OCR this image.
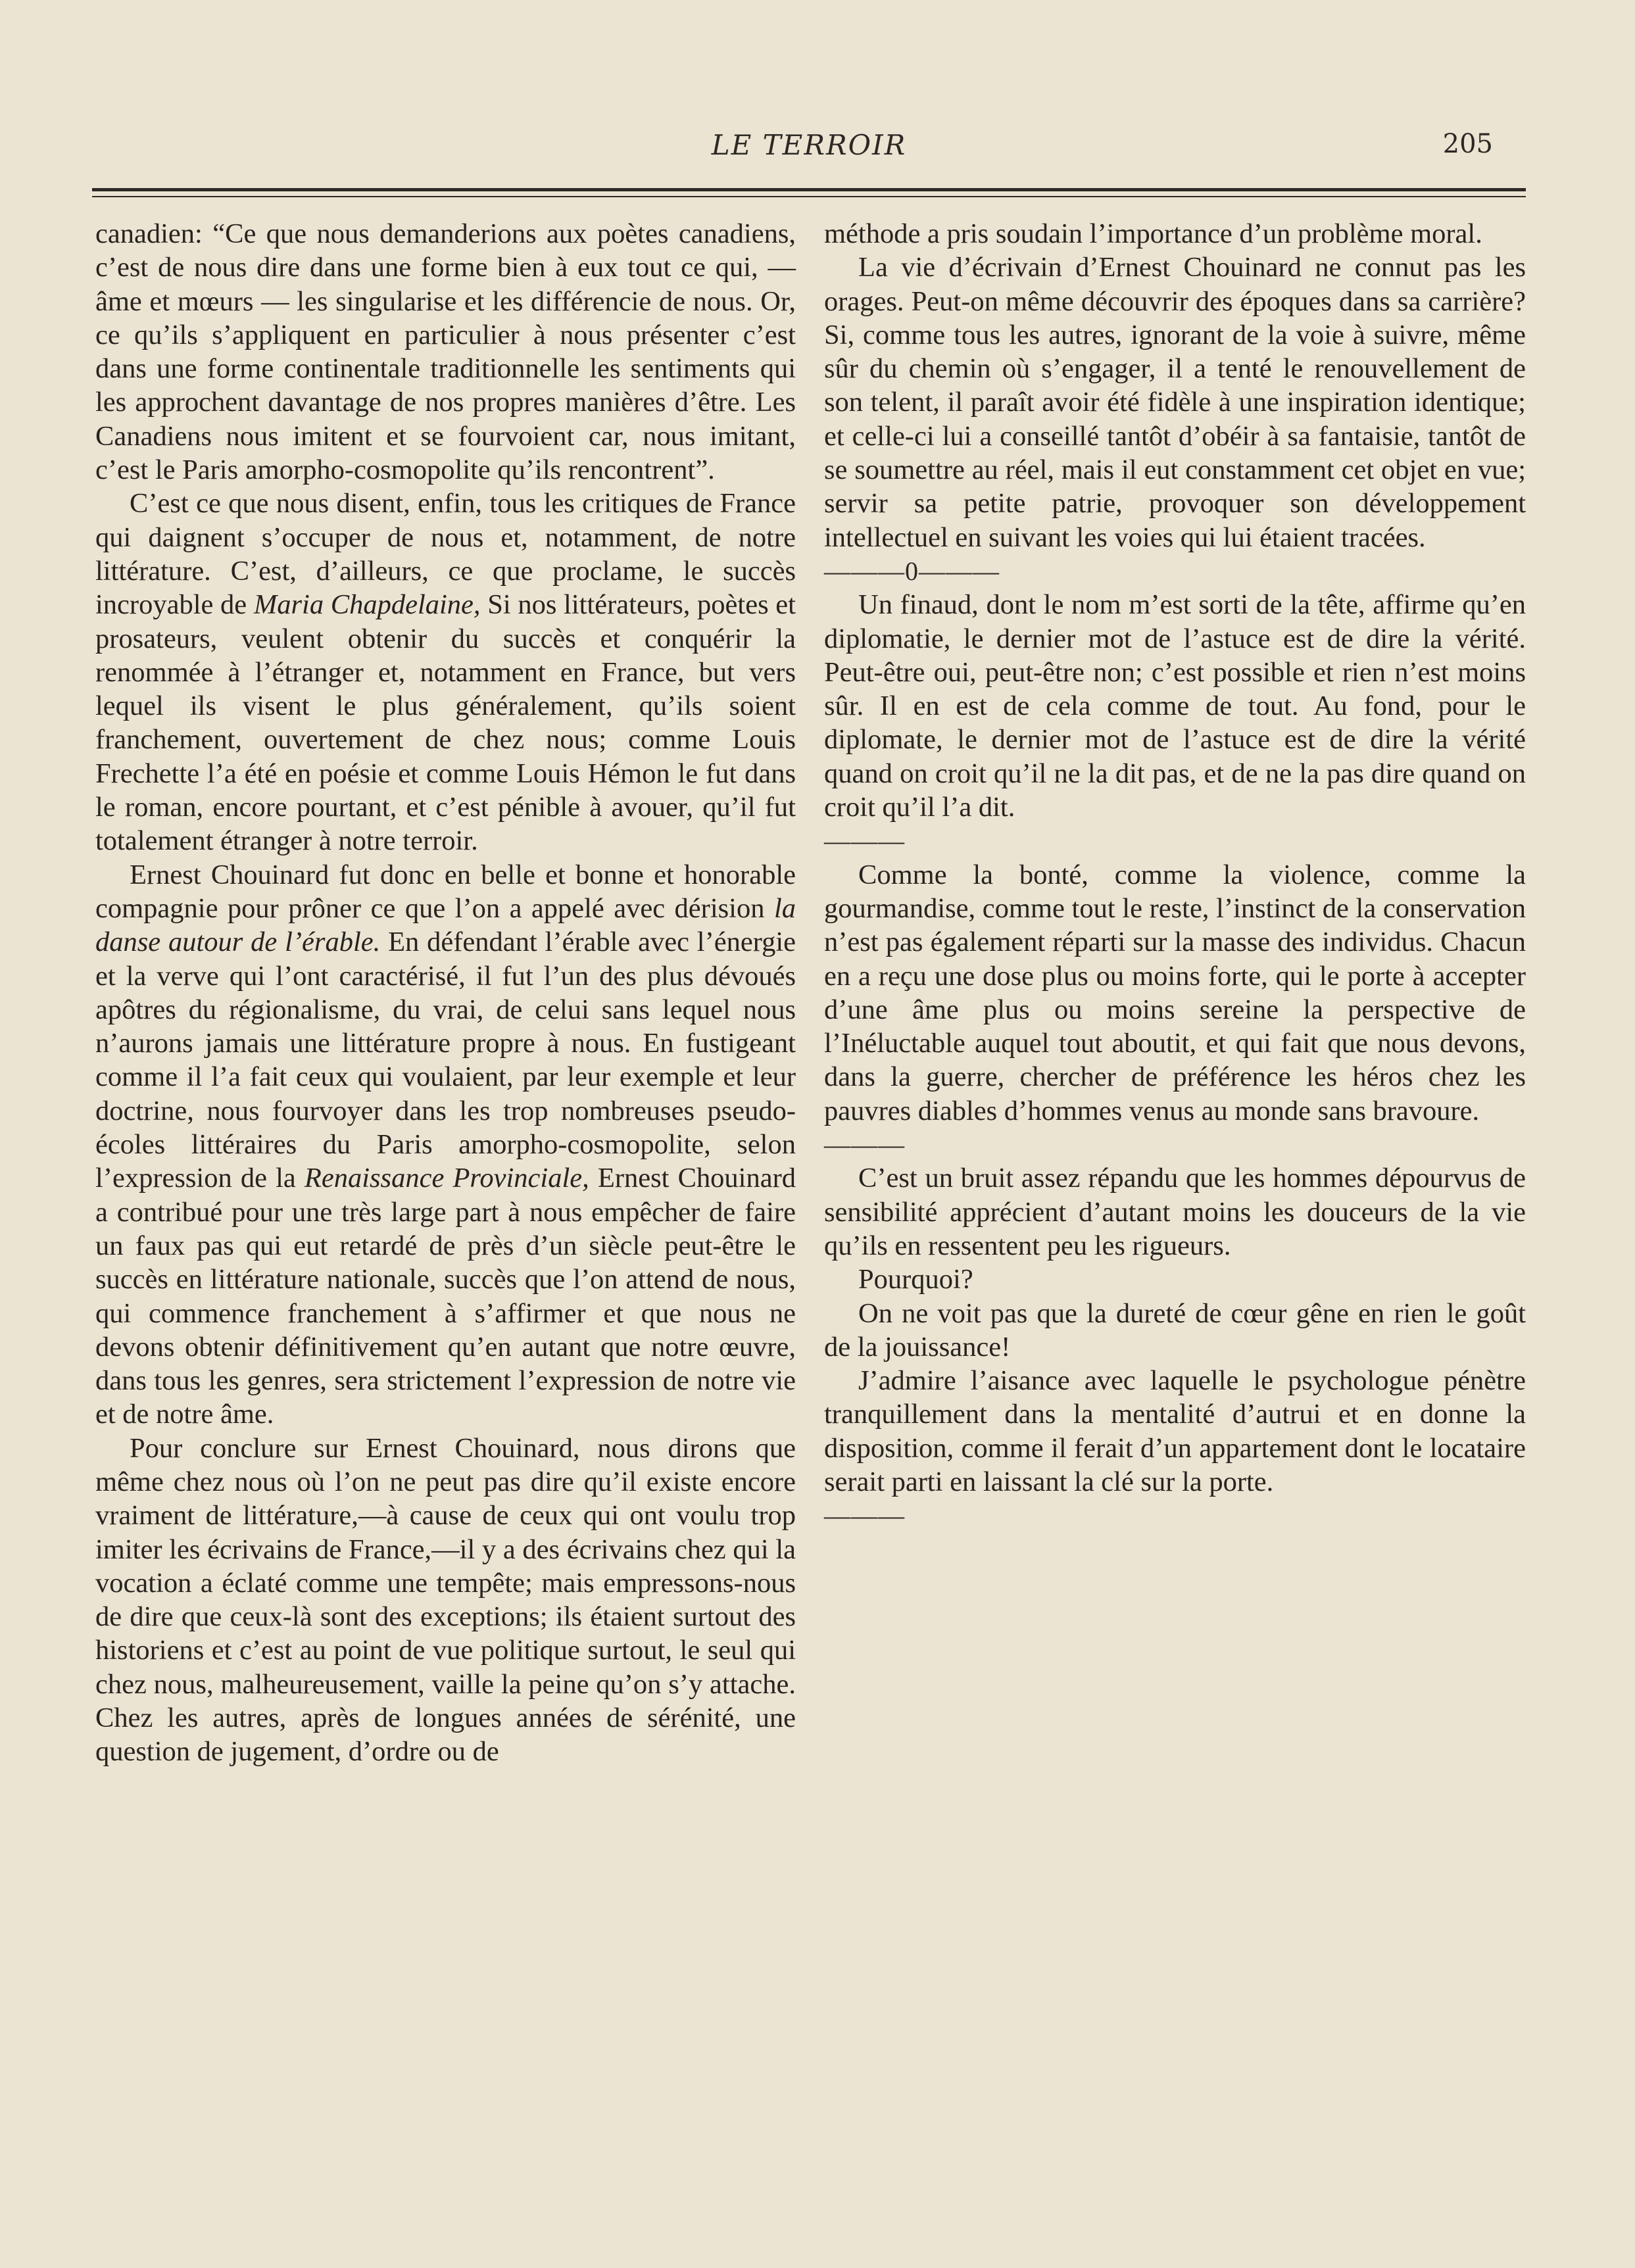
LE TERROIR	205

canadien: “Ce que nous demanderions aux poètes canadiens, c’est de nous dire dans une forme bien à eux tout ce qui, — âme et mœurs — les singularise et les différencie de nous. Or, ce qu’ils s’appliquent en particulier à nous présenter c’est dans une forme continentale traditionnelle les sentiments qui les approchent davantage de nos propres manières d’être. Les Canadiens nous imitent et se fourvoient car, nous imitant, c’est le Paris amorpho-cosmopolite qu’ils rencontrent”.

C’est ce que nous disent, enfin, tous les critiques de France qui daignent s’occuper de nous et, notamment, de notre littérature. C’est, d’ailleurs, ce que proclame, le succès incroyable de Maria Chapdelaine, Si nos littérateurs, poètes et prosateurs, veulent obtenir du succès et conquérir la renommée à l’étranger et, notamment en France, but vers lequel ils visent le plus généralement, qu’ils soient franchement, ouvertement de chez nous; comme Louis Frechette l’a été en poésie et comme Louis Hémon le fut dans le roman, encore pourtant, et c’est pénible à avouer, qu’il fut totalement étranger à notre terroir.

Ernest Chouinard fut donc en belle et bonne et honorable compagnie pour prôner ce que l’on a appelé avec dérision la danse autour de l’érable. En défendant l’érable avec l’énergie et la verve qui l’ont caractérisé, il fut l’un des plus dévoués apôtres du régionalisme, du vrai, de celui sans lequel nous n’aurons jamais une littérature propre à nous. En fustigeant comme il l’a fait ceux qui voulaient, par leur exemple et leur doctrine, nous fourvoyer dans les trop nombreuses pseudo-écoles littéraires du Paris amorpho-cosmopolite, selon l’expression de la Renaissance Provinciale, Ernest Chouinard a contribué pour une très large part à nous empêcher de faire un faux pas qui eut retardé de près d’un siècle peut-être le succès en littérature nationale, succès que l’on attend de nous, qui commence franchement à s’affirmer et que nous ne devons obtenir définitivement qu’en autant que notre œuvre, dans tous les genres, sera strictement l’expression de notre vie et de notre âme.

Pour conclure sur Ernest Chouinard, nous dirons que même chez nous où l’on ne peut pas dire qu’il existe encore vraiment de littérature,—à cause de ceux qui ont voulu trop imiter les écrivains de France,—il y a des écrivains chez qui la vocation a éclaté comme une tempête; mais empressons-nous de dire que ceux-là sont des exceptions; ils étaient surtout des historiens et c’est au point de vue politique surtout, le seul qui chez nous, malheureusement, vaille la peine qu’on s’y attache. Chez les autres, après de longues années de sérénité, une question de jugement, d’ordre ou de

méthode a pris soudain l’importance d’un problème moral.

La vie d’écrivain d’Ernest Chouinard ne connut pas les orages. Peut-on même découvrir des époques dans sa carrière? Si, comme tous les autres, ignorant de la voie à suivre, même sûr du chemin où s’engager, il a tenté le renouvellement de son telent, il paraît avoir été fidèle à une inspiration identique; et celle-ci lui a conseillé tantôt d’obéir à sa fantaisie, tantôt de se soumettre au réel, mais il eut constamment cet objet en vue; servir sa petite patrie, provoquer son développement intellectuel en suivant les voies qui lui étaient tracées.

———0———

Un finaud, dont le nom m’est sorti de la tête, affirme qu’en diplomatie, le dernier mot de l’astuce est de dire la vérité. Peut-être oui, peut-être non; c’est possible et rien n’est moins sûr. Il en est de cela comme de tout. Au fond, pour le diplomate, le dernier mot de l’astuce est de dire la vérité quand on croit qu’il ne la dit pas, et de ne la pas dire quand on croit qu’il l’a dit.

———

Comme la bonté, comme la violence, comme la gourmandise, comme tout le reste, l’instinct de la conservation n’est pas également réparti sur la masse des individus. Chacun en a reçu une dose plus ou moins forte, qui le porte à accepter d’une âme plus ou moins sereine la perspective de l’Inéluctable auquel tout aboutit, et qui fait que nous devons, dans la guerre, chercher de préférence les héros chez les pauvres diables d’hommes venus au monde sans bravoure.

———

C’est un bruit assez répandu que les hommes dépourvus de sensibilité apprécient d’autant moins les douceurs de la vie qu’ils en ressentent peu les rigueurs.

Pourquoi?

On ne voit pas que la dureté de cœur gêne en rien le goût de la jouissance!

J’admire l’aisance avec laquelle le psychologue pénètre tranquillement dans la mentalité d’autrui et en donne la disposition, comme il ferait d’un appartement dont le locataire serait parti en laissant la clé sur la porte.

———
